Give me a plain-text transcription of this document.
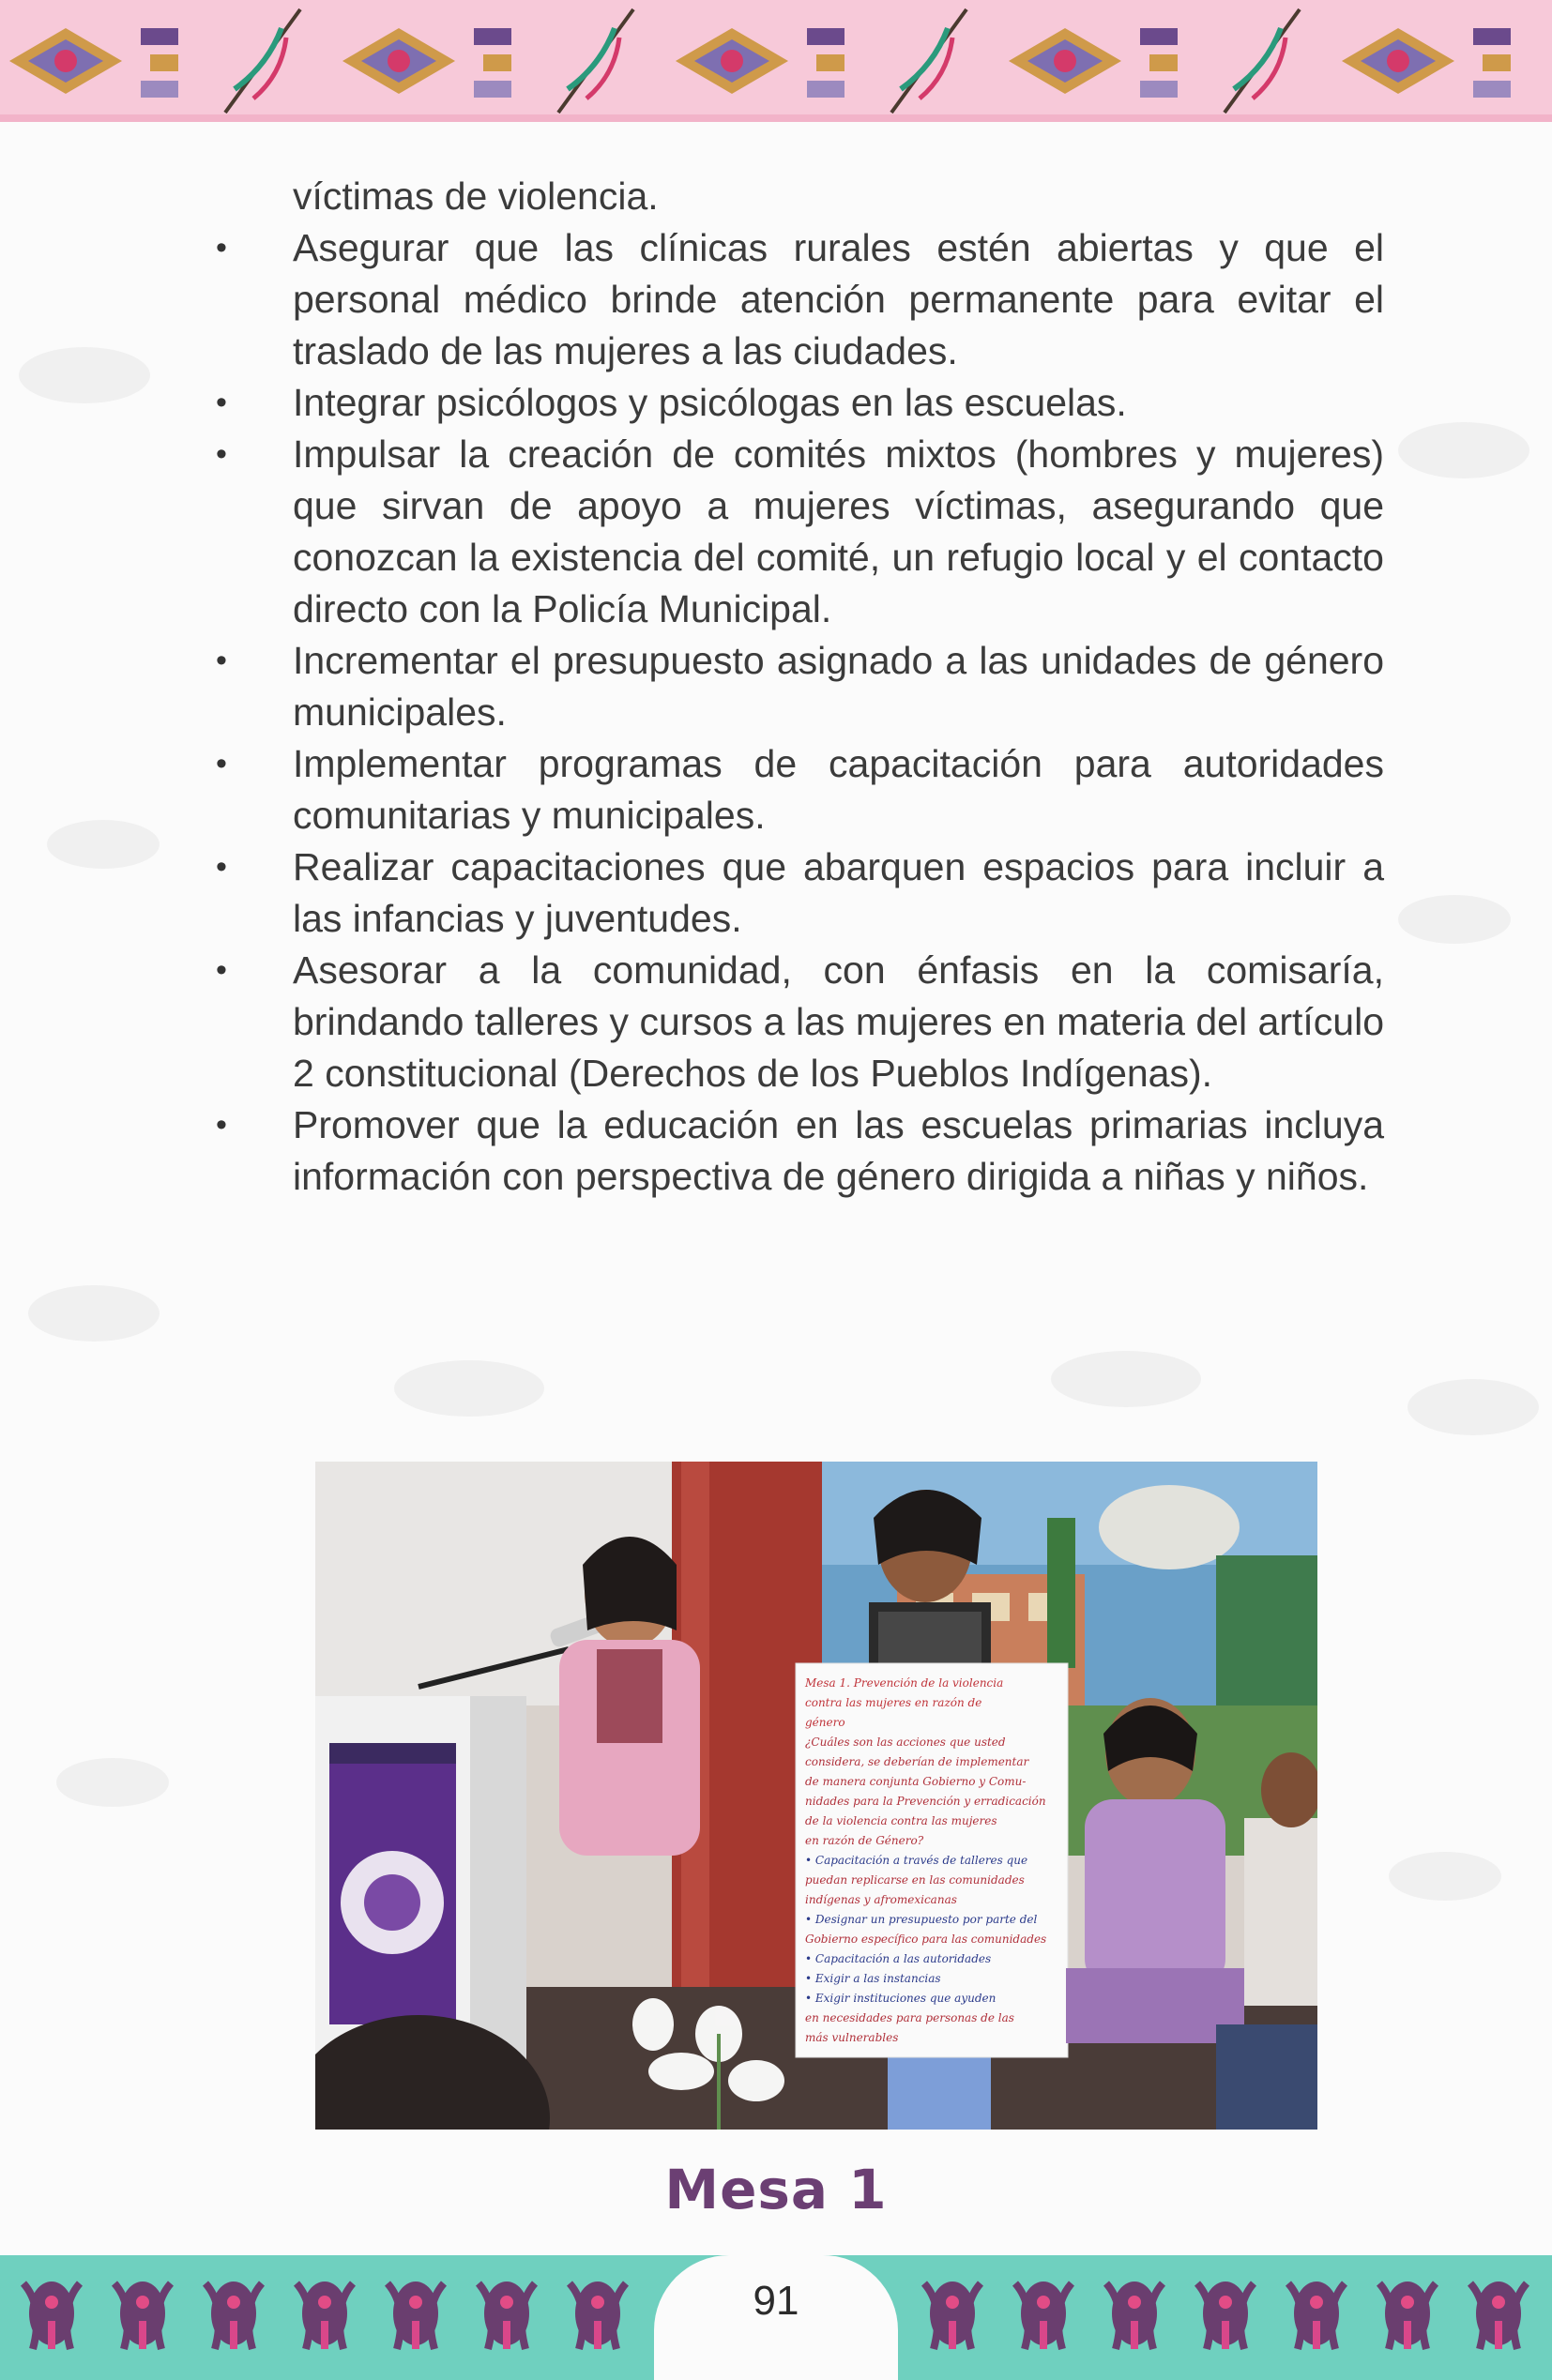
víctimas de violencia.
• Asegurar que las clínicas rurales estén abiertas y que el personal médico brinde atención permanente para evitar el traslado de las mujeres a las ciudades.
• Integrar psicólogos y psicólogas en las escuelas.
• Impulsar la creación de comités mixtos (hombres y mujeres) que sirvan de apoyo a mujeres víctimas, asegurando que conozcan la existencia del comité, un refugio local y el contacto directo con la Policía Municipal.
• Incrementar el presupuesto asignado a las unidades de género municipales.
• Implementar programas de capacitación para autoridades comunitarias y municipales.
• Realizar capacitaciones que abarquen espacios para incluir a las infancias y juventudes.
• Asesorar a la comunidad, con énfasis en la comisaría, brindando talleres y cursos a las mujeres en materia del artículo 2 constitucional (Derechos de los Pueblos Indígenas).
• Promover que la educación en las escuelas primarias incluya información con perspectiva de género dirigida a niñas y niños.
Mesa 1. Prevención de la violencia
contra las mujeres en razón de
género
¿Cuáles son las acciones que usted
considera, se deberían de implementar
de manera conjunta Gobierno y Comu-
nidades para la Prevención y erradicación
de la violencia contra las mujeres
en razón de Género?
• Capacitación a través de talleres que
puedan replicarse en las comunidades
indígenas y afromexicanas
• Designar un presupuesto por parte del
Gobierno específico para las comunidades
• Capacitación a las autoridades
• Exigir a las instancias
• Exigir instituciones que ayuden
en necesidades para personas de las
más vulnerables
Mesa 1
91
